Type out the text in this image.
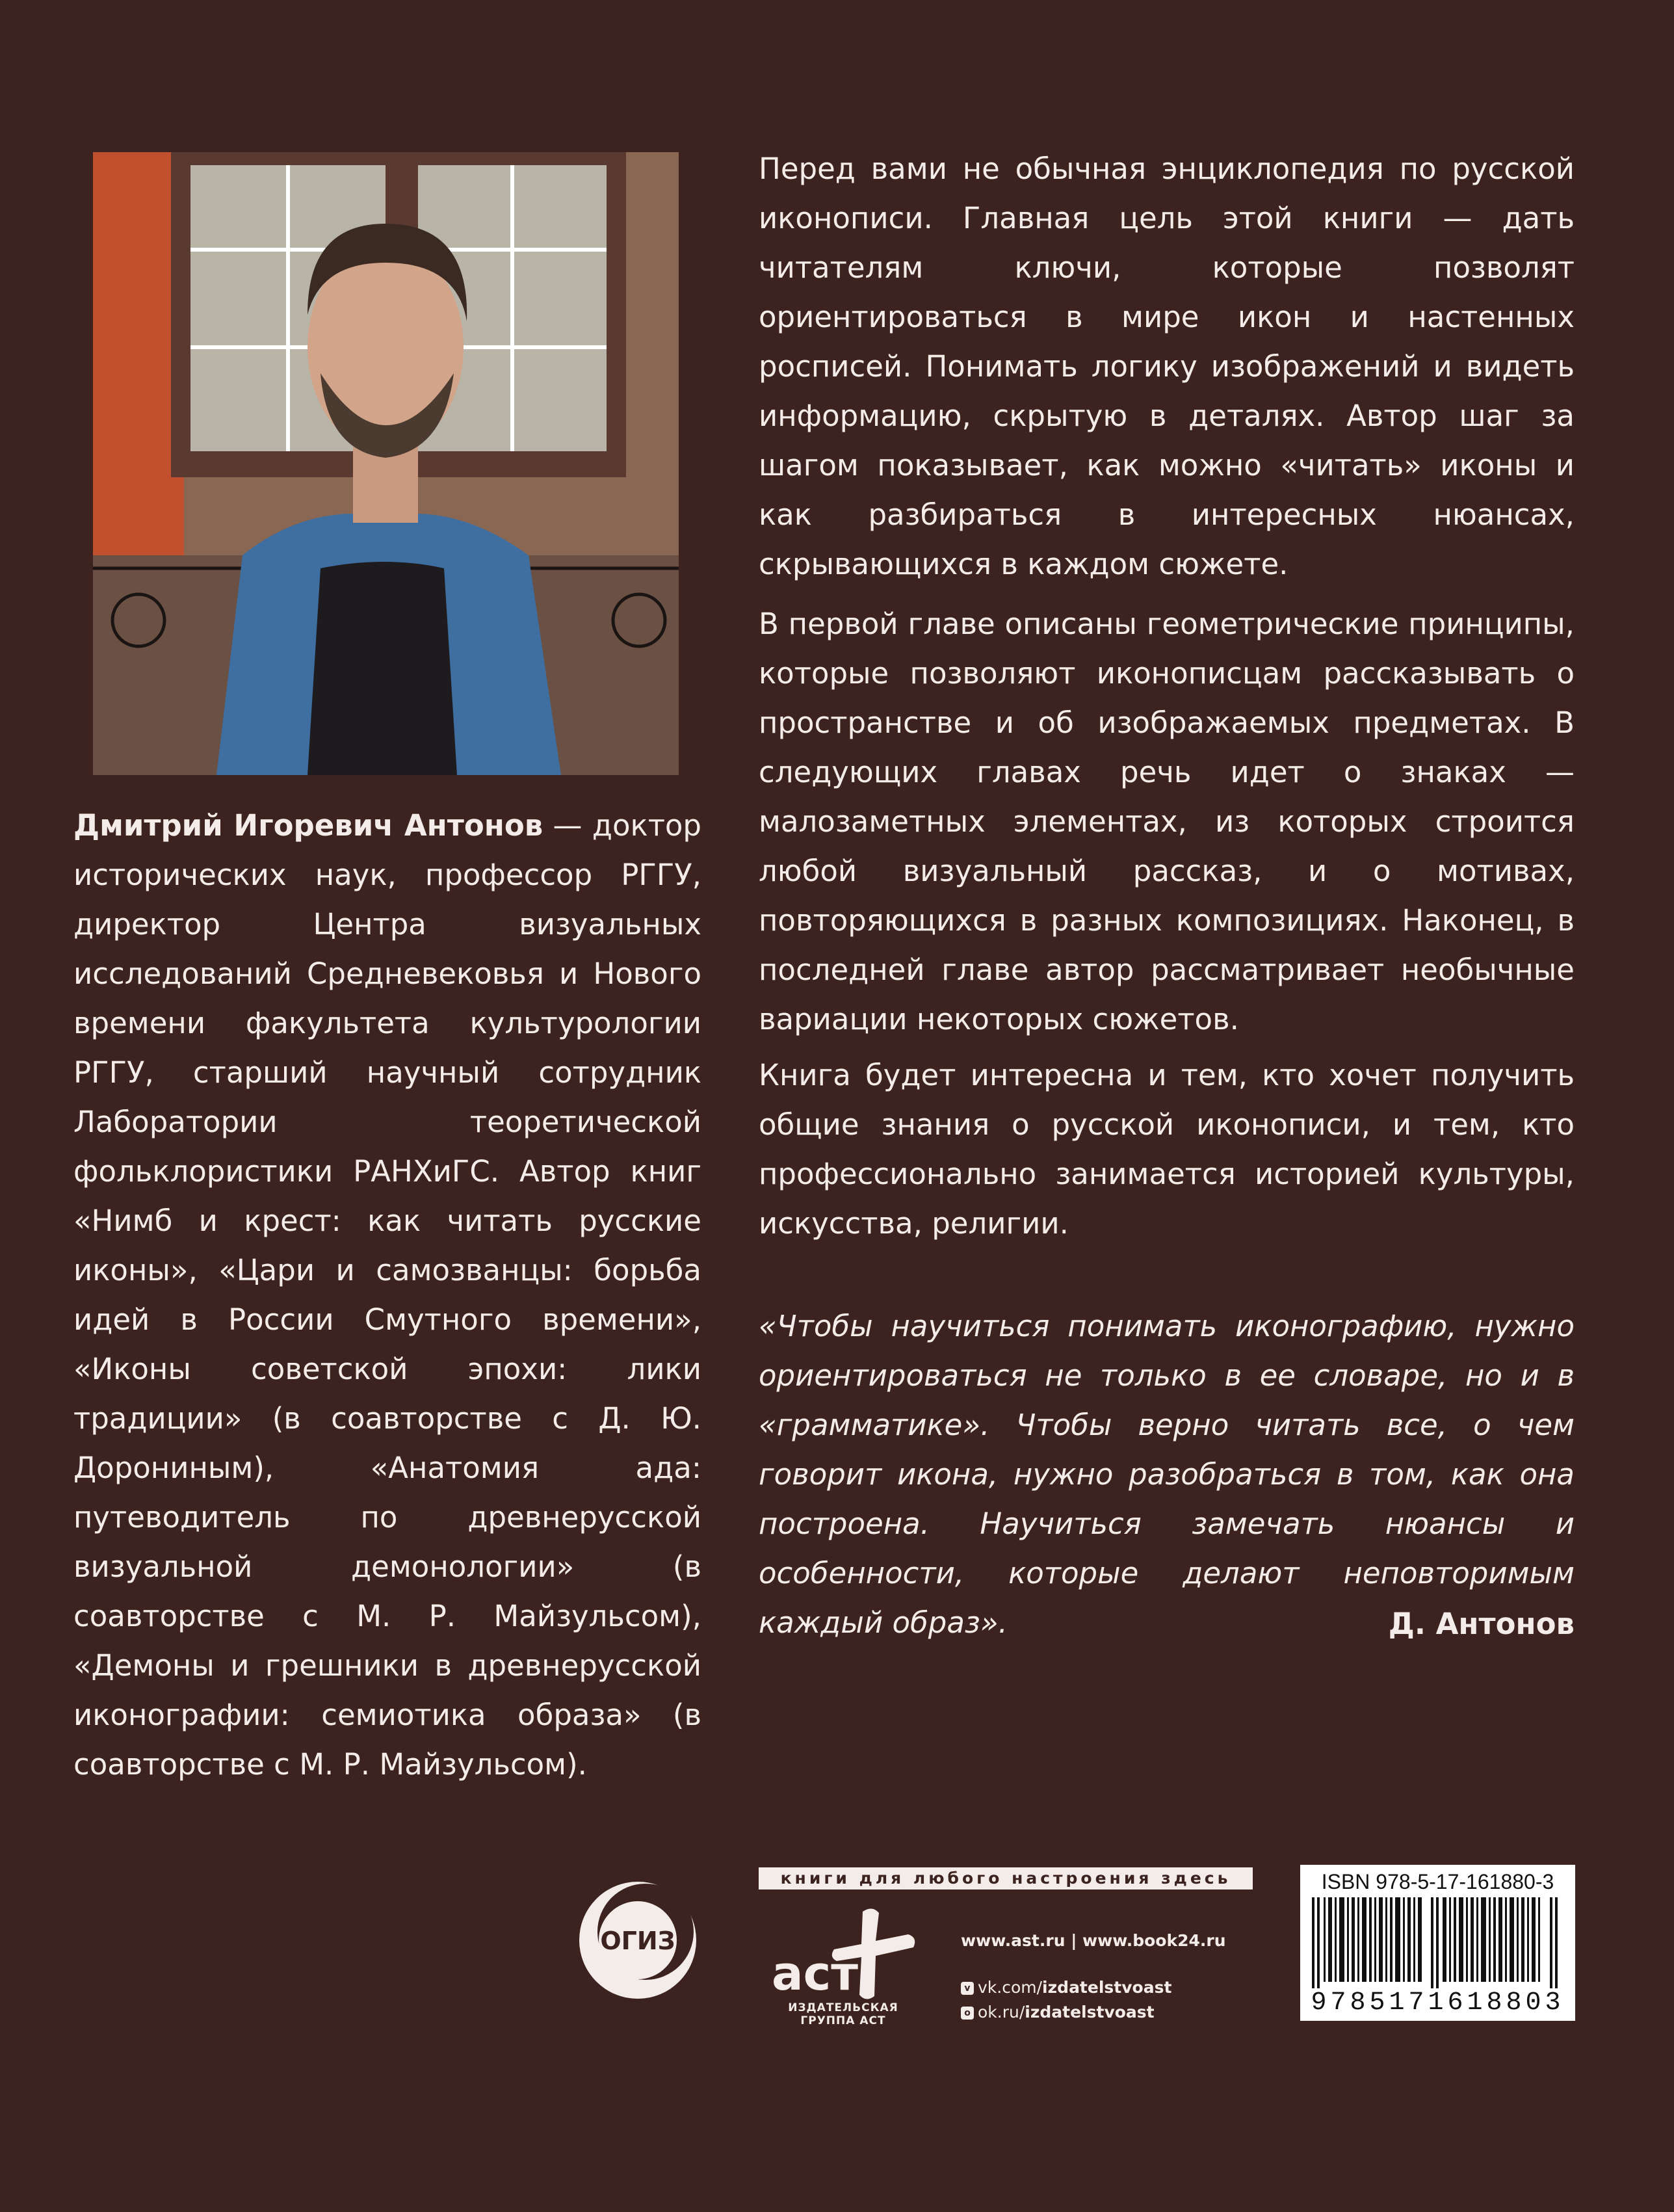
Дмитрий Игоревич Антонов — доктор исторических наук, профессор РГГУ, директор Центра визуальных исследований Средневековья и Нового времени факультета культурологии РГГУ, старший научный сотрудник Лаборатории теоретической фольклористики РАНХиГС. Автор книг «Нимб и крест: как читать русские иконы», «Цари и самозванцы: борьба идей в России Смутного времени», «Иконы советской эпохи: лики традиции» (в соавторстве с Д. Ю. Дорониным), «Анатомия ада: путеводитель по древнерусской визуальной демонологии» (в соавторстве с М. Р. Майзульсом), «Демоны и грешники в древнерусской иконографии: семиотика образа» (в соавторстве с М. Р. Майзульсом).

Перед вами не обычная энциклопедия по русской иконописи. Главная цель этой книги — дать читателям ключи, которые позволят ориентироваться в мире икон и настенных росписей. Понимать логику изображений и видеть информацию, скрытую в деталях. Автор шаг за шагом показывает, как можно «читать» иконы и как разбираться в интересных нюансах, скрывающихся в каждом сюжете.

В первой главе описаны геометрические принципы, которые позволяют иконописцам рассказывать о пространстве и об изображаемых предметах. В следующих главах речь идет о знаках — малозаметных элементах, из которых строится любой визуальный рассказ, и о мотивах, повторяющихся в разных композициях. Наконец, в последней главе автор рассматривает необычные вариации некоторых сюжетов.

Книга будет интересна и тем, кто хочет получить общие знания о русской иконописи, и тем, кто профессионально занимается историей культуры, искусства, религии.

«Чтобы научиться понимать иконографию, нужно ориентироваться не только в ее словаре, но и в «грамматике». Чтобы верно читать все, о чем говорит икона, нужно разобраться в том, как она построена. Научиться замечать нюансы и особенности, которые делают неповторимым каждый образ».	Д. Антонов

ОГИЗ
книги для любого настроения здесь
аст

ИЗДАТЕЛЬСКАЯ ГРУППА АСТ

www.ast.ru | www.book24.ru
v vk.com/izdatelstvoast
o ok.ru/izdatelstvoast

ISBN 978-5-17-161880-3

9785171618803
